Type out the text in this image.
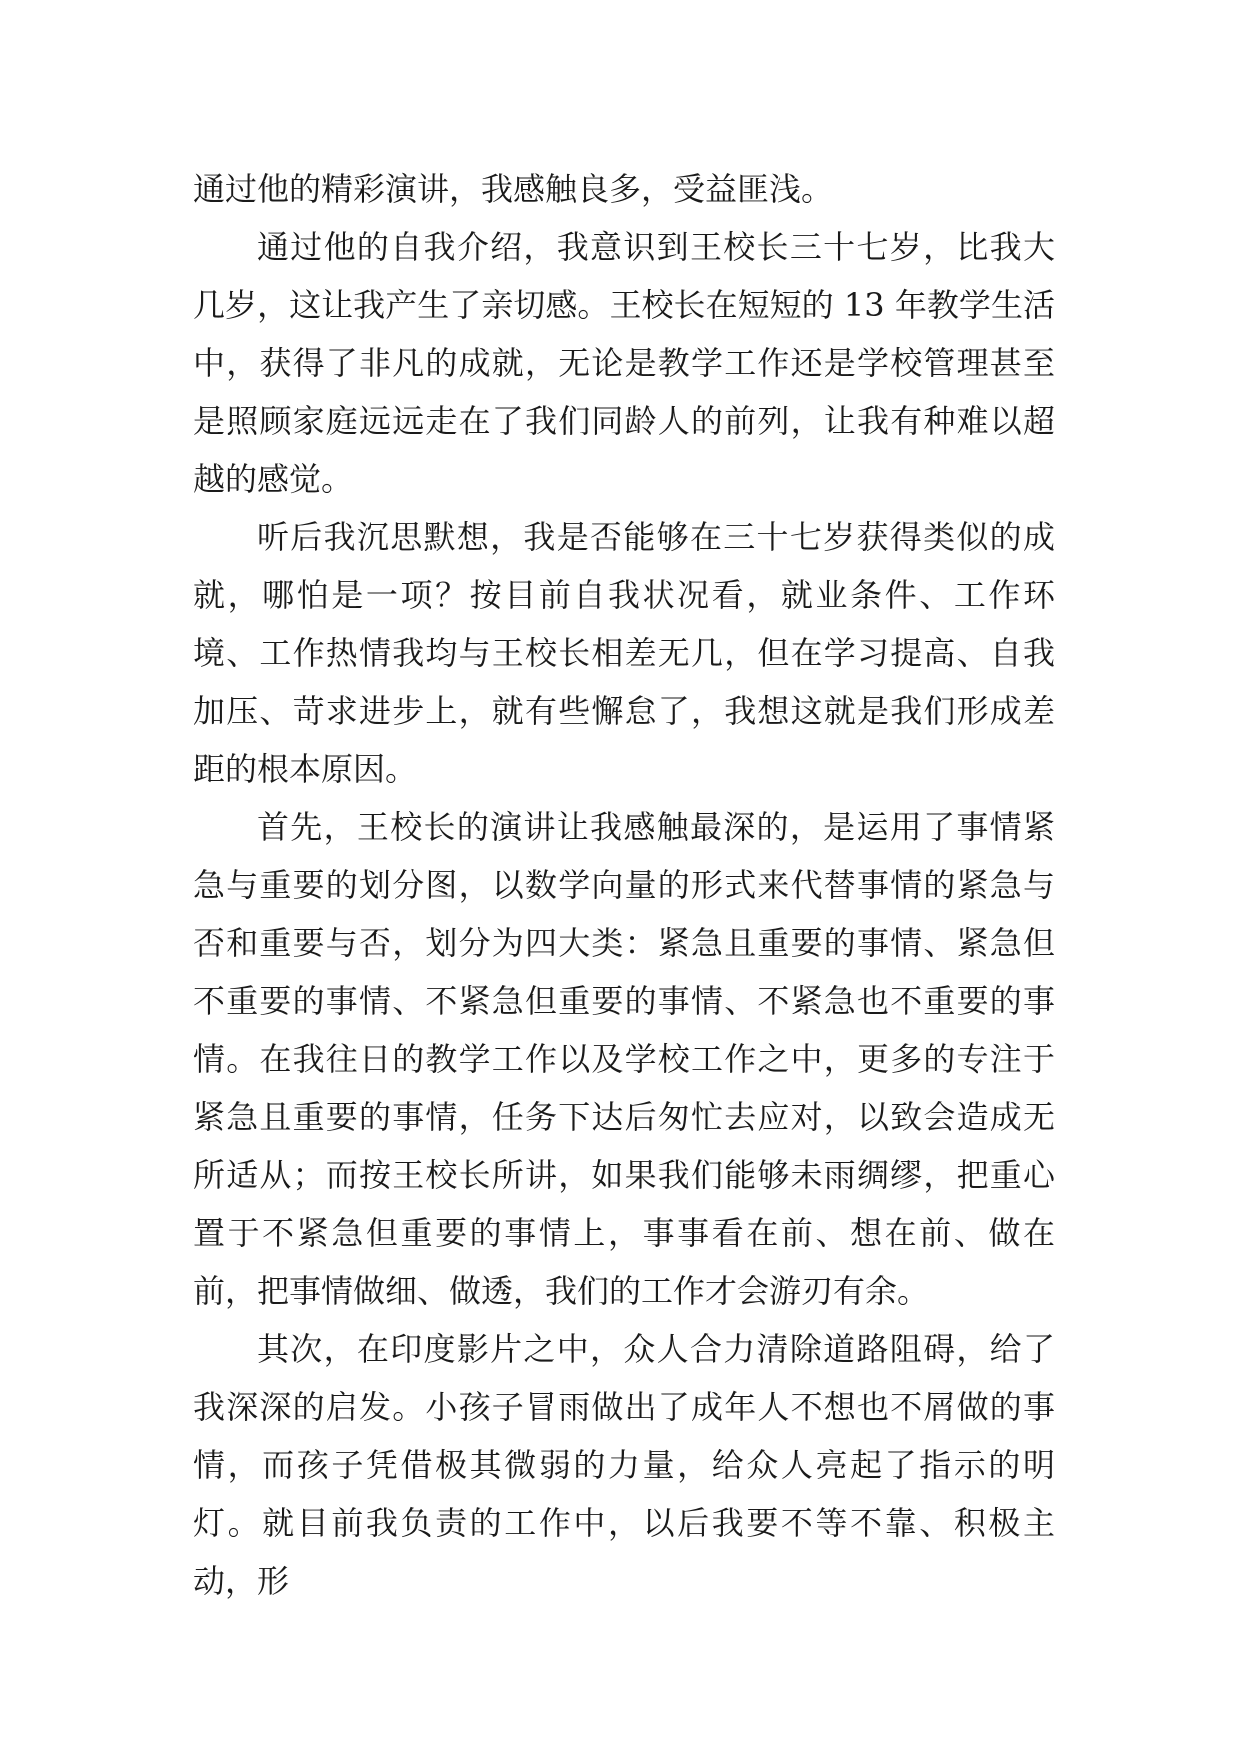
通过他的精彩演讲，我感触良多，受益匪浅。

通过他的自我介绍，我意识到王校长三十七岁，比我大几岁，这让我产生了亲切感。王校长在短短的 13 年教学生活中，获得了非凡的成就，无论是教学工作还是学校管理甚至是照顾家庭远远走在了我们同龄人的前列，让我有种难以超越的感觉。

听后我沉思默想，我是否能够在三十七岁获得类似的成就，哪怕是一项？按目前自我状况看，就业条件、工作环境、工作热情我均与王校长相差无几，但在学习提高、自我加压、苛求进步上，就有些懈怠了，我想这就是我们形成差距的根本原因。

首先，王校长的演讲让我感触最深的，是运用了事情紧急与重要的划分图，以数学向量的形式来代替事情的紧急与否和重要与否，划分为四大类：紧急且重要的事情、紧急但不重要的事情、不紧急但重要的事情、不紧急也不重要的事情。在我往日的教学工作以及学校工作之中，更多的专注于紧急且重要的事情，任务下达后匆忙去应对，以致会造成无所适从；而按王校长所讲，如果我们能够未雨绸缪，把重心置于不紧急但重要的事情上，事事看在前、想在前、做在前，把事情做细、做透，我们的工作才会游刃有余。

其次，在印度影片之中，众人合力清除道路阻碍，给了我深深的启发。小孩子冒雨做出了成年人不想也不屑做的事情，而孩子凭借极其微弱的力量，给众人亮起了指示的明灯。就目前我负责的工作中，以后我要不等不靠、积极主动，形
